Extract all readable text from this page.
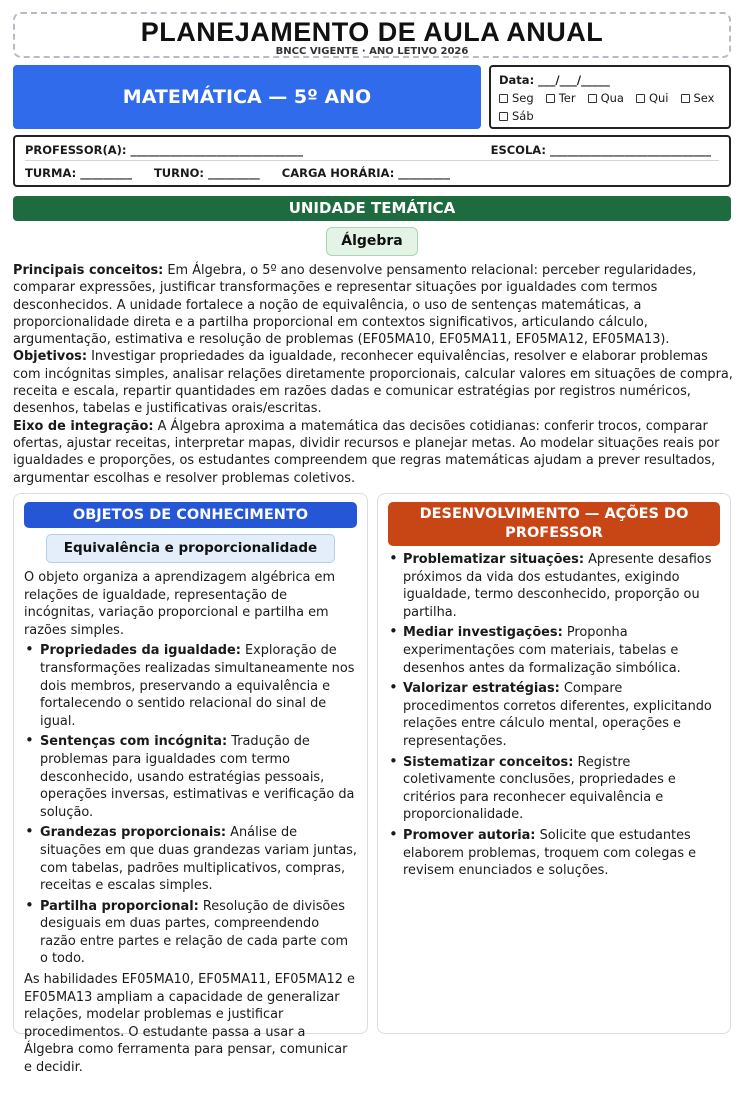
PLANEJAMENTO DE AULA ANUAL
BNCC VIGENTE · ANO LETIVO 2026
MATEMÁTICA — 5º ANO
Data: ___/___/_____
Seg Ter Qua Qui Sex
Sáb
PROFESSOR(A): ______________________________	ESCOLA: ____________________________
TURMA: _________ TURNO: _________ CARGA HORÁRIA: _________
UNIDADE TEMÁTICA
Álgebra
Principais conceitos: Em Álgebra, o 5º ano desenvolve pensamento relacional: perceber regularidades, comparar expressões, justificar transformações e representar situações por igualdades com termos desconhecidos. A unidade fortalece a noção de equivalência, o uso de sentenças matemáticas, a proporcionalidade direta e a partilha proporcional em contextos significativos, articulando cálculo, argumentação, estimativa e resolução de problemas (EF05MA10, EF05MA11, EF05MA12, EF05MA13).
Objetivos: Investigar propriedades da igualdade, reconhecer equivalências, resolver e elaborar problemas com incógnitas simples, analisar relações diretamente proporcionais, calcular valores em situações de compra, receita e escala, repartir quantidades em razões dadas e comunicar estratégias por registros numéricos, desenhos, tabelas e justificativas orais/escritas.
Eixo de integração: A Álgebra aproxima a matemática das decisões cotidianas: conferir trocos, comparar ofertas, ajustar receitas, interpretar mapas, dividir recursos e planejar metas. Ao modelar situações reais por igualdades e proporções, os estudantes compreendem que regras matemáticas ajudam a prever resultados, argumentar escolhas e resolver problemas coletivos.
OBJETOS DE CONHECIMENTO
Equivalência e proporcionalidade

O objeto organiza a aprendizagem algébrica em relações de igualdade, representação de incógnitas, variação proporcional e partilha em razões simples.

• Propriedades da igualdade: Exploração de transformações realizadas simultaneamente nos dois membros, preservando a equivalência e fortalecendo o sentido relacional do sinal de igual.
• Sentenças com incógnita: Tradução de problemas para igualdades com termo desconhecido, usando estratégias pessoais, operações inversas, estimativas e verificação da solução.
• Grandezas proporcionais: Análise de situações em que duas grandezas variam juntas, com tabelas, padrões multiplicativos, compras, receitas e escalas simples.
• Partilha proporcional: Resolução de divisões desiguais em duas partes, compreendendo razão entre partes e relação de cada parte com o todo.

As habilidades EF05MA10, EF05MA11, EF05MA12 e EF05MA13 ampliam a capacidade de generalizar relações, modelar problemas e justificar procedimentos. O estudante passa a usar a Álgebra como ferramenta para pensar, comunicar e decidir.

DESENVOLVIMENTO — AÇÕES DO PROFESSOR
• Problematizar situações: Apresente desafios próximos da vida dos estudantes, exigindo igualdade, termo desconhecido, proporção ou partilha.
• Mediar investigações: Proponha experimentações com materiais, tabelas e desenhos antes da formalização simbólica.
• Valorizar estratégias: Compare procedimentos corretos diferentes, explicitando relações entre cálculo mental, operações e representações.
• Sistematizar conceitos: Registre coletivamente conclusões, propriedades e critérios para reconhecer equivalência e proporcionalidade.
• Promover autoria: Solicite que estudantes elaborem problemas, troquem com colegas e revisem enunciados e soluções.
